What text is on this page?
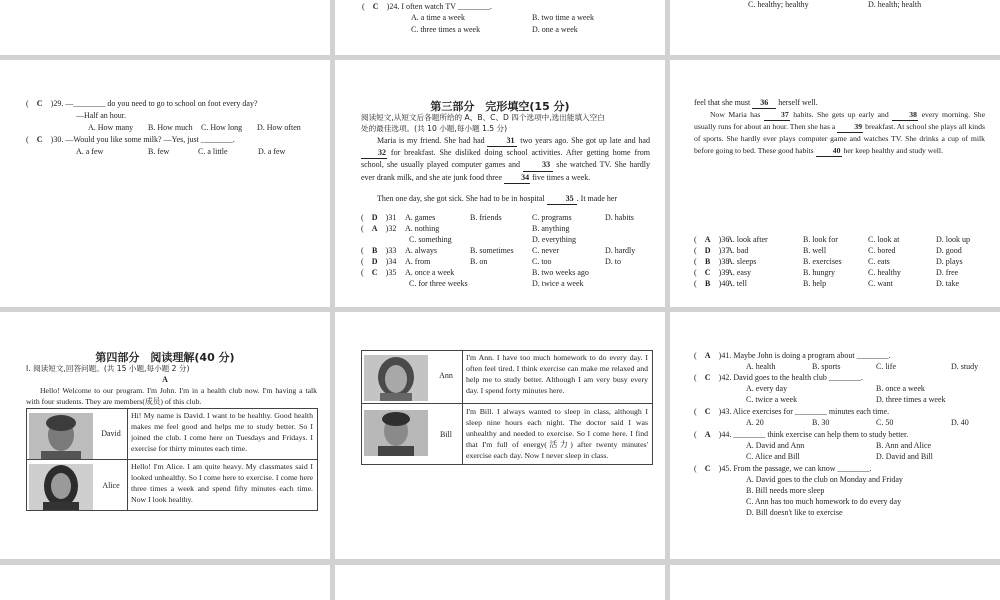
( C )24. I often watch TV ________.
A. a time a week	B. two time a week
C. three times a week	D. one a week
C. healthy; healthy	D. health; health
( C )29. —________ do you need to go to school on foot every day?
—Half an hour.
A. How many B. How much C. How long D. How often
( C )30. —Would you like some milk? —Yes, just ________.
A. a few	B. few	C. a little	D. a few
第三部分　完形填空(15 分)
阅读短文,从短文后各题所给的 A、B、C、D 四个选项中,选出能填入空白
处的最佳选项。(共 10 小题,每小题 1.5 分)
Maria is my friend. She had had 31 two years ago. She got up late and had 32 for breakfast. She disliked doing school activities. After getting home from school, she usually played computer games and 33 she watched TV. She hardly ever drank milk, and she ate junk food three 34 five times a week.
Then one day, she got sick. She had to be in hospital 35 . It made her
( D )31 A. games	B. friends	C. programs	D. habits
( A )32 A. nothing	B. anything
C. something	D. everything
( B )33 A. always	B. sometimes C. never	D. hardly
( D )34 A. from	B. on	C. too	D. to
( C )35 A. once a week	B. two weeks ago
C. for three weeks	D. twice a week
feel that she must 36 herself well.
Now Maria has 37 habits. She gets up early and 38 every morning. She usually runs for about an hour. Then she has a 39 breakfast. At school she plays all kinds of sports. She hardly ever plays computer game and watches TV. She drinks a cup of milk before going to bed. These good habits 40 her keep healthy and study well.
( A )36
A. look after	B. look for	C. look at	D. look up
( D )37
A. bad	B. well	C. bored	D. good
( B )38
A. sleeps	B. exercises	C. eats	D. plays
( C )39
A. easy	B. hungry	C. healthy	D. free
( B )40
A. tell	B. help	C. want	D. take
第四部分　阅读理解(40 分)
Ⅰ. 阅读短文,回答问题。(共 15 小题,每小题 2 分)
A
Hello! Welcome to our program. I'm John. I'm in a health club now. I'm having a talk with four students. They are members(成员) of this club.
David
Hi! My name is David. I want to be healthy. Good health makes me feel good and helps me to study better. So I joined the club. I come here on Tuesdays and Fridays. I exercise for thirty minutes each time.
Alice
Hello! I'm Alice. I am quite heavy. My classmates said I looked unhealthy. So I come here to exercise. I come here three times a week and spend fifty minutes each time. Now I look healthy.
Ann
I'm Ann. I have too much homework to do every day. I often feel tired. I think exercise can make me relaxed and help me to study better. Although I am very busy every day. I spend forty minutes here.
Bill
I'm Bill. I always wanted to sleep in class, although I sleep nine hours each night. The doctor said I was unhealthy and needed to exercise. So I come here. I find that I'm full of energy(活力) after twenty minutes' exercise each day. Now I never sleep in class.
( A )41. Maybe John is doing a program about ________.
A. health	B. sports	C. life	D. study
( C )42. David goes to the health club ________.
A. every day	B. once a week
C. twice a week	D. three times a week
( C )43. Alice exercises for ________ minutes each time.
A. 20	B. 30	C. 50	D. 40
( A )44. ________ think exercise can help them to study better.
A. David and Ann	B. Ann and Alice
C. Alice and Bill	D. David and Bill
( C )45. From the passage, we can know ________.
A. David goes to the club on Monday and Friday
B. Bill needs more sleep
C. Ann has too much homework to do every day
D. Bill doesn't like to exercise
